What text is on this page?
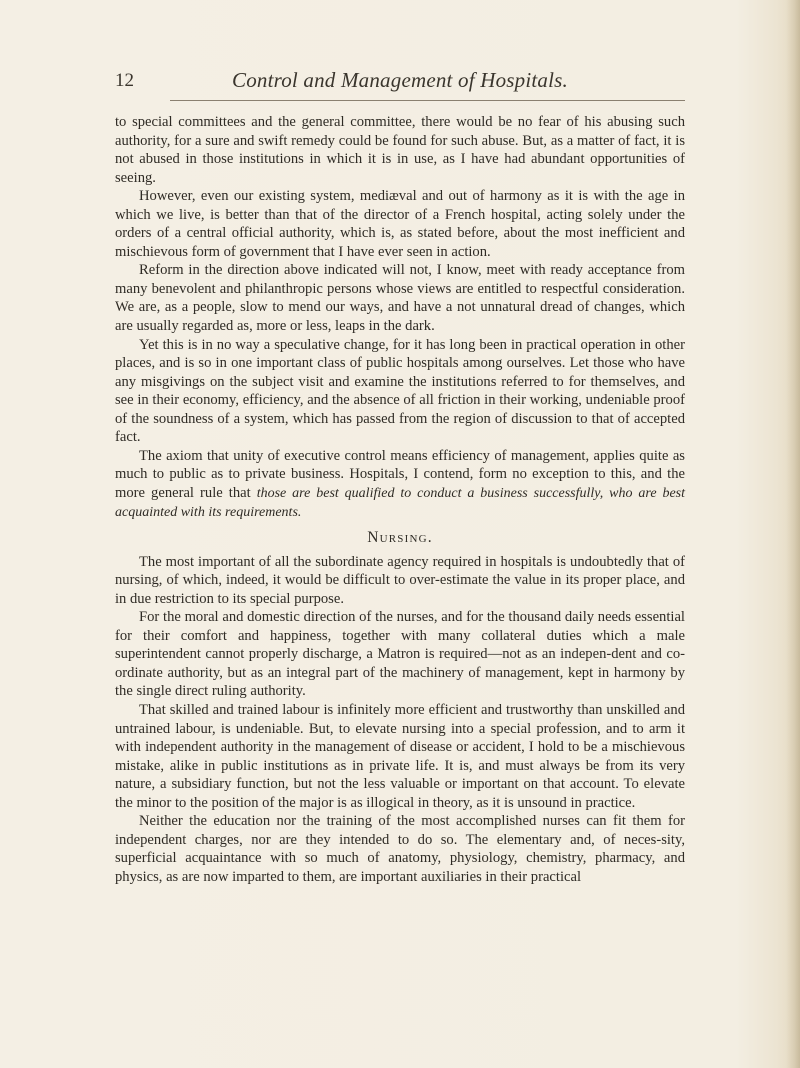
12	Control and Management of Hospitals.

to special committees and the general committee, there would be no fear of his abusing such authority, for a sure and swift remedy could be found for such abuse. But, as a matter of fact, it is not abused in those institutions in which it is in use, as I have had abundant opportunities of seeing.

However, even our existing system, mediæval and out of harmony as it is with the age in which we live, is better than that of the director of a French hospital, acting solely under the orders of a central official authority, which is, as stated before, about the most inefficient and mischievous form of government that I have ever seen in action.

Reform in the direction above indicated will not, I know, meet with ready acceptance from many benevolent and philanthropic persons whose views are entitled to respectful consideration. We are, as a people, slow to mend our ways, and have a not unnatural dread of changes, which are usually regarded as, more or less, leaps in the dark.

Yet this is in no way a speculative change, for it has long been in practical operation in other places, and is so in one important class of public hospitals among ourselves. Let those who have any misgivings on the subject visit and examine the institutions referred to for themselves, and see in their economy, efficiency, and the absence of all friction in their working, undeniable proof of the soundness of a system, which has passed from the region of discussion to that of accepted fact.

The axiom that unity of executive control means efficiency of management, applies quite as much to public as to private business. Hospitals, I contend, form no exception to this, and the more general rule that those are best qualified to conduct a business successfully, who are best acquainted with its requirements.

Nursing.

The most important of all the subordinate agency required in hospitals is undoubtedly that of nursing, of which, indeed, it would be difficult to over-estimate the value in its proper place, and in due restriction to its special purpose.

For the moral and domestic direction of the nurses, and for the thousand daily needs essential for their comfort and happiness, together with many collateral duties which a male superintendent cannot properly discharge, a Matron is required—not as an indepen-dent and co-ordinate authority, but as an integral part of the machinery of management, kept in harmony by the single direct ruling authority.

That skilled and trained labour is infinitely more efficient and trustworthy than unskilled and untrained labour, is undeniable. But, to elevate nursing into a special profession, and to arm it with independent authority in the management of disease or accident, I hold to be a mischievous mistake, alike in public institutions as in private life. It is, and must always be from its very nature, a subsidiary function, but not the less valuable or important on that account. To elevate the minor to the position of the major is as illogical in theory, as it is unsound in practice.

Neither the education nor the training of the most accomplished nurses can fit them for independent charges, nor are they intended to do so. The elementary and, of neces-sity, superficial acquaintance with so much of anatomy, physiology, chemistry, pharmacy, and physics, as are now imparted to them, are important auxiliaries in their practical
